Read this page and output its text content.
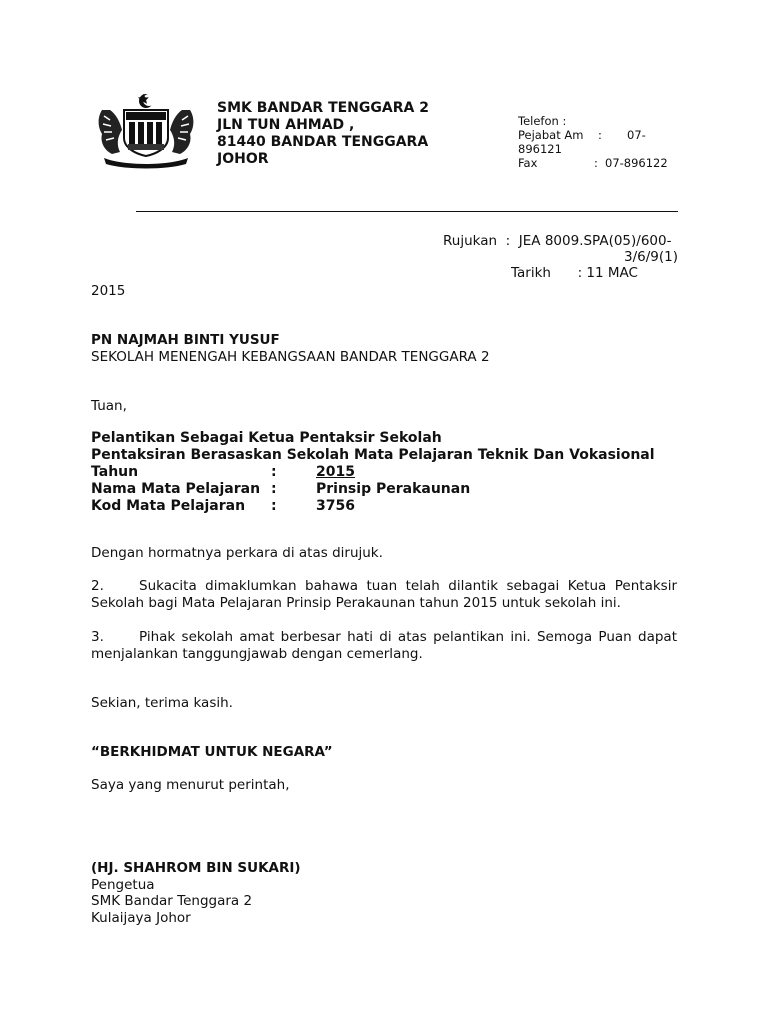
SMK BANDAR TENGGARA 2
JLN TUN AHMAD ,
81440 BANDAR TENGGARA
JOHOR
Telefon :
Pejabat Am	:	07-
896121
Fax	: 07-896122
Rujukan : JEA 8009.SPA(05)/600-
3/6/9(1)
Tarikh : 11 MAC
2015
PN NAJMAH BINTI YUSUF
SEKOLAH MENENGAH KEBANGSAAN BANDAR TENGGARA 2
Tuan,
Pelantikan Sebagai Ketua Pentaksir Sekolah
Pentaksiran Berasaskan Sekolah Mata Pelajaran Teknik Dan Vokasional
Tahun	:	2015
Nama Mata Pelajaran :	Prinsip Perakaunan
Kod Mata Pelajaran	:	3756
Dengan hormatnya perkara di atas dirujuk.
2.	Sukacita dimaklumkan bahawa tuan telah dilantik sebagai Ketua Pentaksir Sekolah bagi Mata Pelajaran Prinsip Perakaunan tahun 2015 untuk sekolah ini.
3.	Pihak sekolah amat berbesar hati di atas pelantikan ini. Semoga Puan dapat menjalankan tanggungjawab dengan cemerlang.
Sekian, terima kasih.
“BERKHIDMAT UNTUK NEGARA”
Saya yang menurut perintah,
(HJ. SHAHROM BIN SUKARI)
Pengetua
SMK Bandar Tenggara 2
Kulaijaya Johor
